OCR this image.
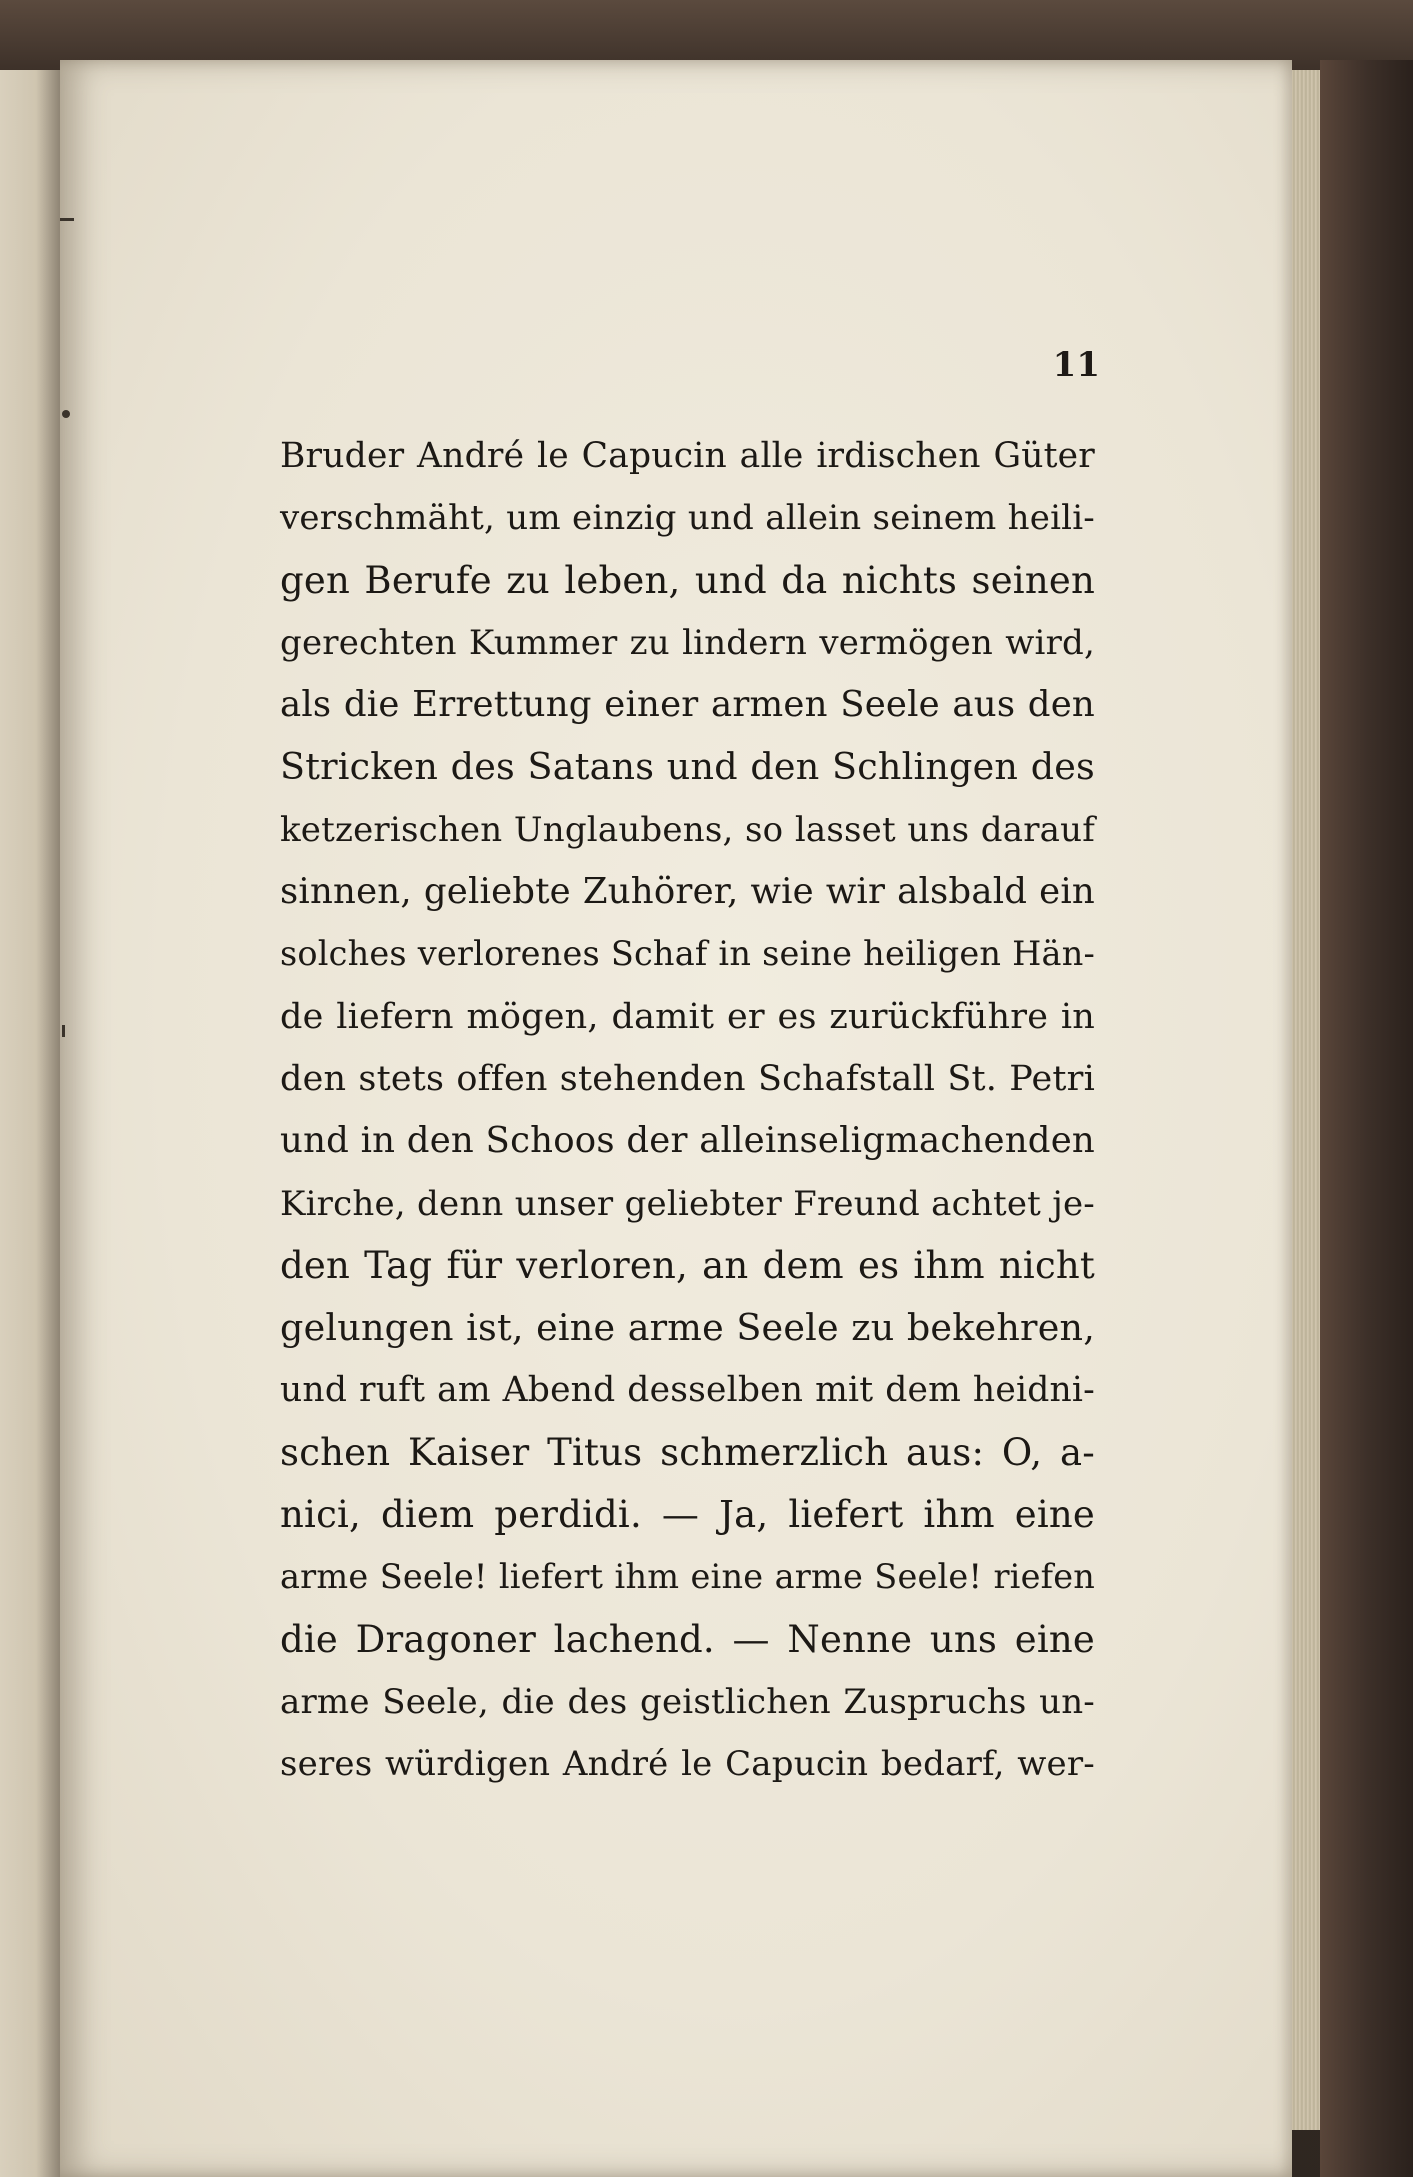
11
Bruder André le Capucin alle irdischen Güter
verschmäht, um einzig und allein seinem heili-
gen Berufe zu leben, und da nichts seinen
gerechten Kummer zu lindern vermögen wird,
als die Errettung einer armen Seele aus den
Stricken des Satans und den Schlingen des
ketzerischen Unglaubens, so lasset uns darauf
sinnen, geliebte Zuhörer, wie wir alsbald ein
solches verlorenes Schaf in seine heiligen Hän-
de liefern mögen, damit er es zurückführe in
den stets offen stehenden Schafstall St. Petri
und in den Schoos der alleinseligmachenden
Kirche, denn unser geliebter Freund achtet je-
den Tag für verloren, an dem es ihm nicht
gelungen ist, eine arme Seele zu bekehren,
und ruft am Abend desselben mit dem heidni-
schen Kaiser Titus schmerzlich aus: O, a-
nici, diem perdidi. — Ja, liefert ihm eine
arme Seele! liefert ihm eine arme Seele! riefen
die Dragoner lachend. — Nenne uns eine
arme Seele, die des geistlichen Zuspruchs un-
seres würdigen André le Capucin bedarf, wer-
